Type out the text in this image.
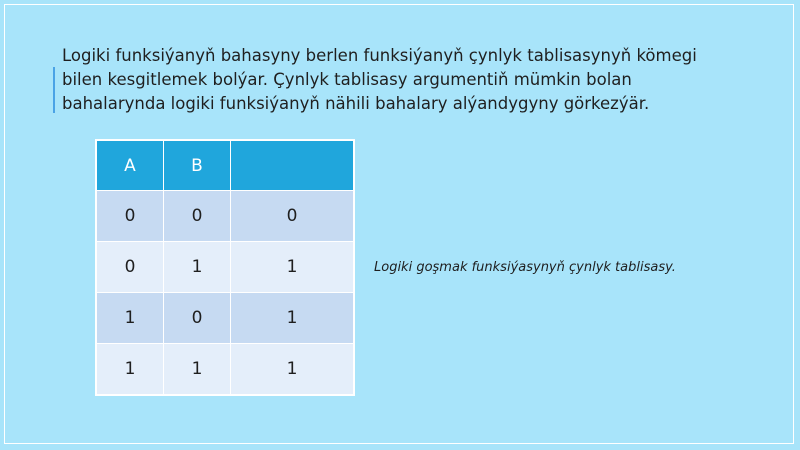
Logiki funksiýanyň bahasyny berlen funksiýanyň çynlyk tablisasynyň kömegi bilen kesgitlemek bolýar. Çynlyk tablisasy argumentiň mümkin bolan bahalarynda logiki funksiýanyň nähili bahalary alýandygyny görkezýär.

A	B	
0	0	0
0	1	1
1	0	1
1	1	1

Logiki goşmak funksiýasynyň çynlyk tablisasy.
